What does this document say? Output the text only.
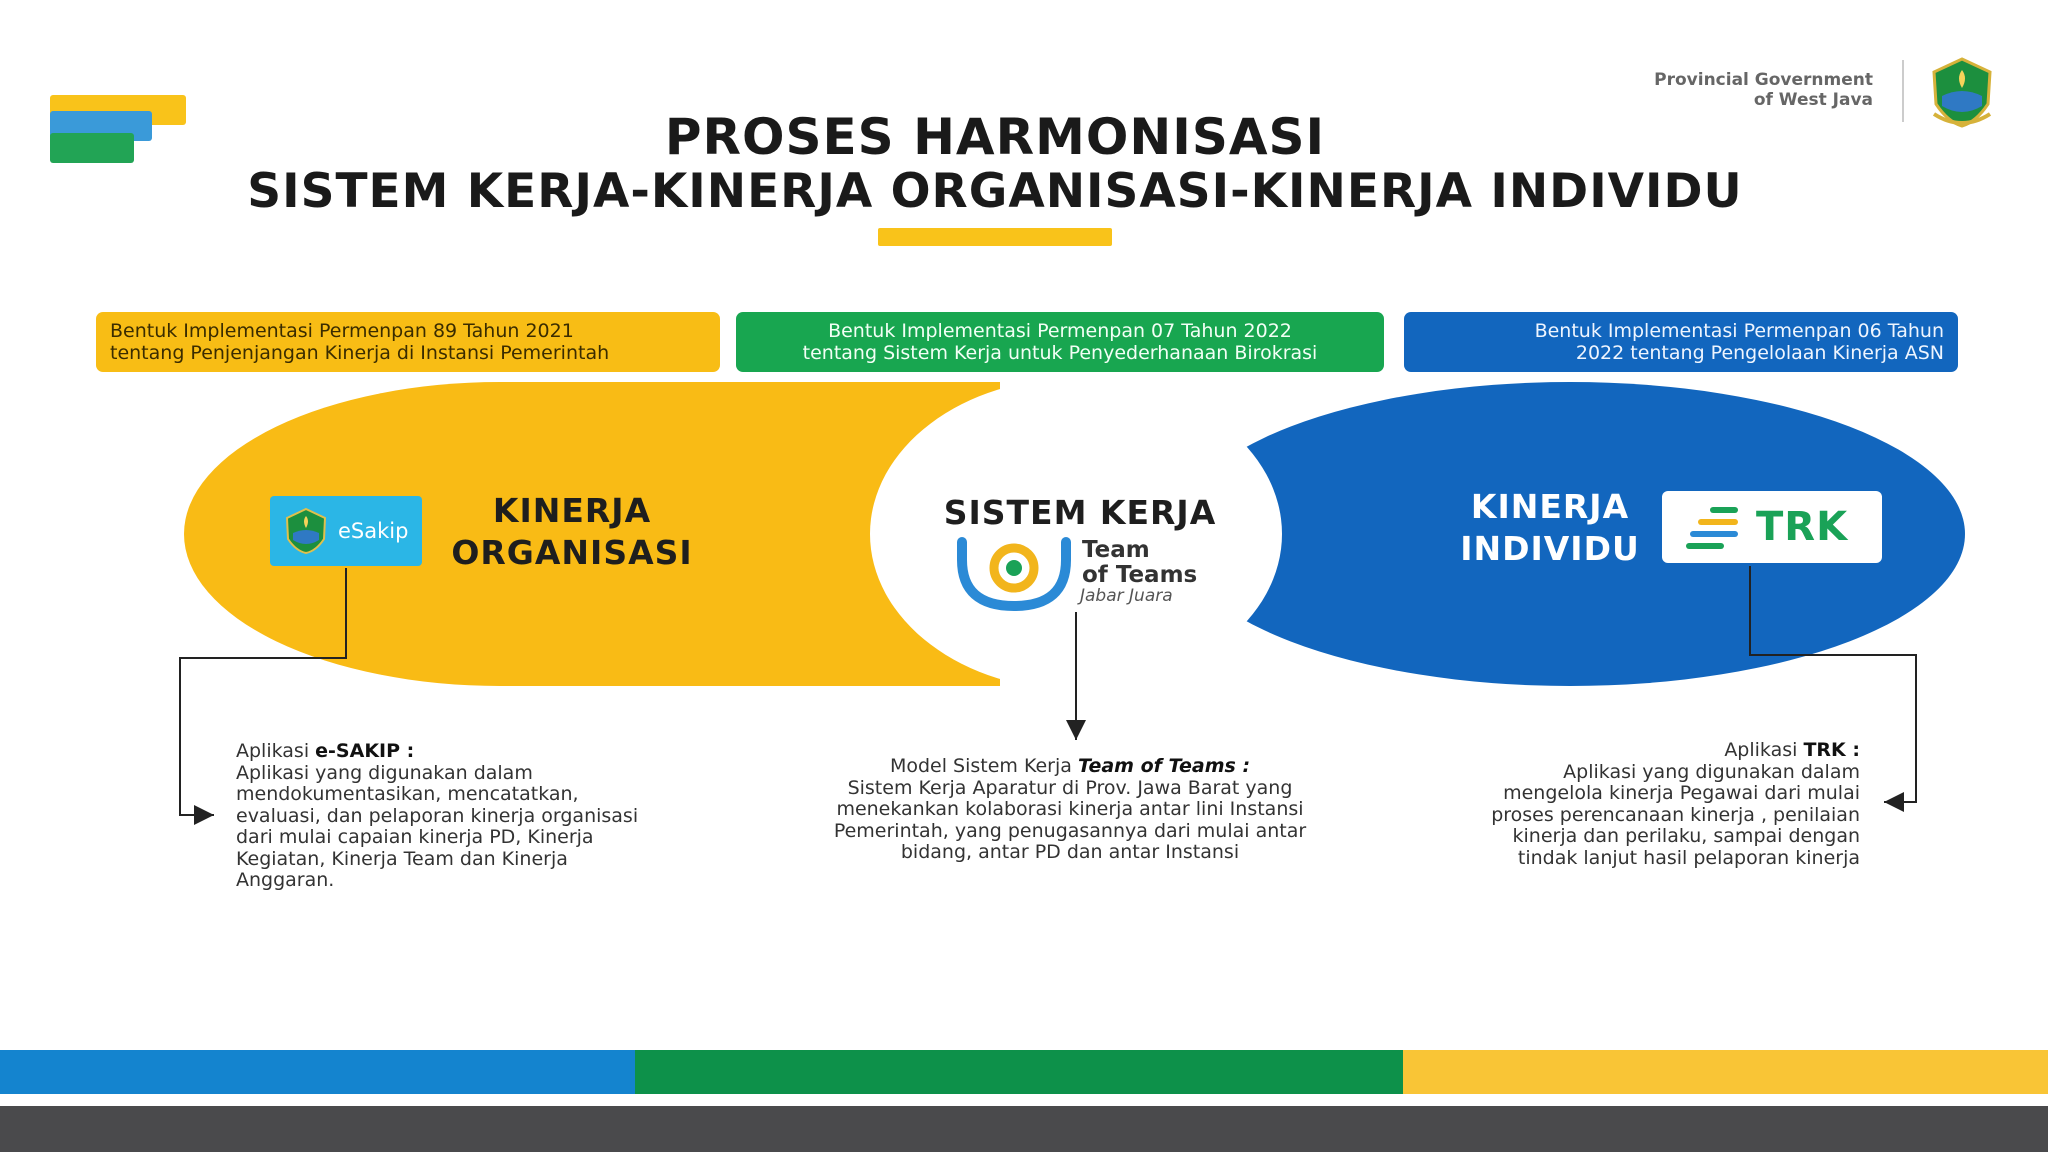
PROSES HARMONISASI
SISTEM KERJA-KINERJA ORGANISASI-KINERJA INDIVIDU
Provincial Government
of West Java
Bentuk Implementasi Permenpan 89 Tahun 2021
tentang Penjenjangan Kinerja di Instansi Pemerintah
Bentuk Implementasi Permenpan 07 Tahun 2022
tentang Sistem Kerja untuk Penyederhanaan Birokrasi
Bentuk Implementasi Permenpan 06 Tahun
2022 tentang Pengelolaan Kinerja ASN
eSakip
KINERJA
ORGANISASI
SISTEM KERJA
Team
of Teams
Jabar Juara
KINERJA
INDIVIDU	TRK
Aplikasi e-SAKIP :
Aplikasi yang digunakan dalam
mendokumentasikan, mencatatkan,
evaluasi, dan pelaporan kinerja organisasi
dari mulai capaian kinerja PD, Kinerja
Kegiatan, Kinerja Team dan Kinerja
Anggaran.
Model Sistem Kerja Team of Teams :
Sistem Kerja Aparatur di Prov. Jawa Barat yang
menekankan kolaborasi kinerja antar lini Instansi
Pemerintah, yang penugasannya dari mulai antar
bidang, antar PD dan antar Instansi
Aplikasi TRK :
Aplikasi yang digunakan dalam
mengelola kinerja Pegawai dari mulai
proses perencanaan kinerja , penilaian
kinerja dan perilaku, sampai dengan
tindak lanjut hasil pelaporan kinerja
